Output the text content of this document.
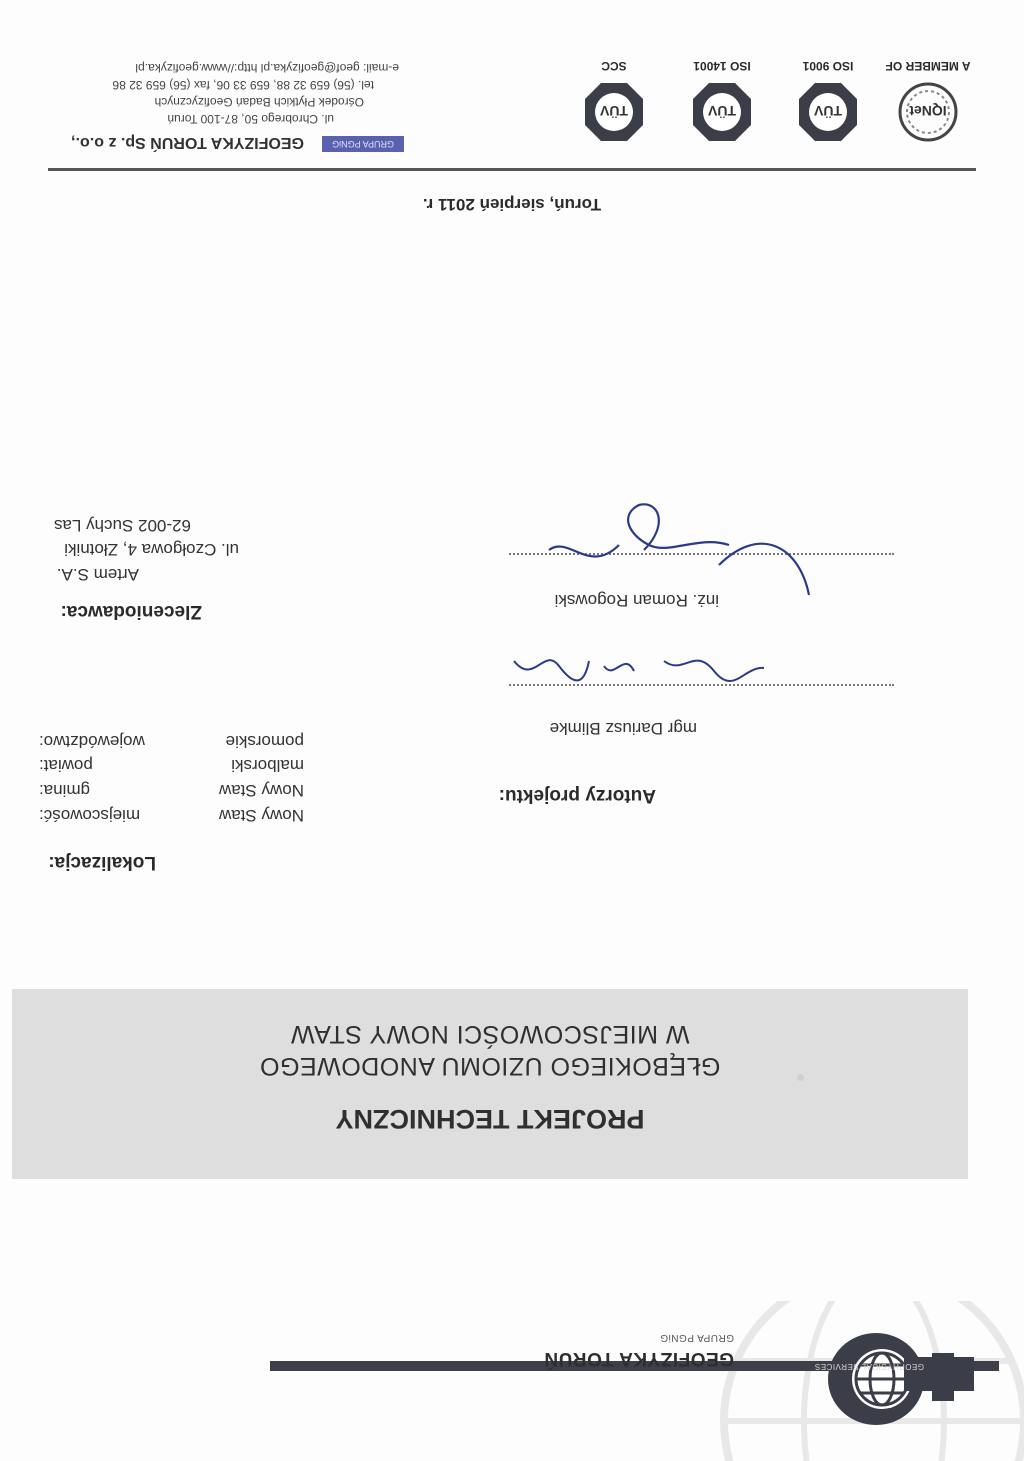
GEOPHYSICAL SERVICES
GEOFIZYKA TORUŃ
GRUPA PGNiG
PROJEKT TECHNICZNY
GŁĘBOKIEGO UZIOMU ANODOWEGO
W MIEJSCOWOŚCI NOWY STAW
Lokalizacja:
miejscowość:	Nowy Staw
gmina:	Nowy Staw
powiat:	malborski
województwo:	pomorskie
Autorzy projektu:
mgr Dariusz Blimke
inż. Roman Rogowski
Zleceniodawca:
Artem S.A.
ul. Czołgowa 4, Złotniki
62-002 Suchy Las
Toruń, sierpień 2011 r.
IQNet
A MEMBER OF
TÜV
ISO 9001
TÜV
ISO 14001
TÜV
SCC
GRUPA PGNiG
GEOFIZYKA TORUŃ Sp. z o.o.,
ul. Chrobrego 50, 87-100 Toruń
Ośrodek Płytkich Badań Geofizycznych
tel. (56) 659 32 88, 659 33 06, fax (56) 659 32 86
e-mail: geof@geofizyka.pl http://www.geofizyka.pl
